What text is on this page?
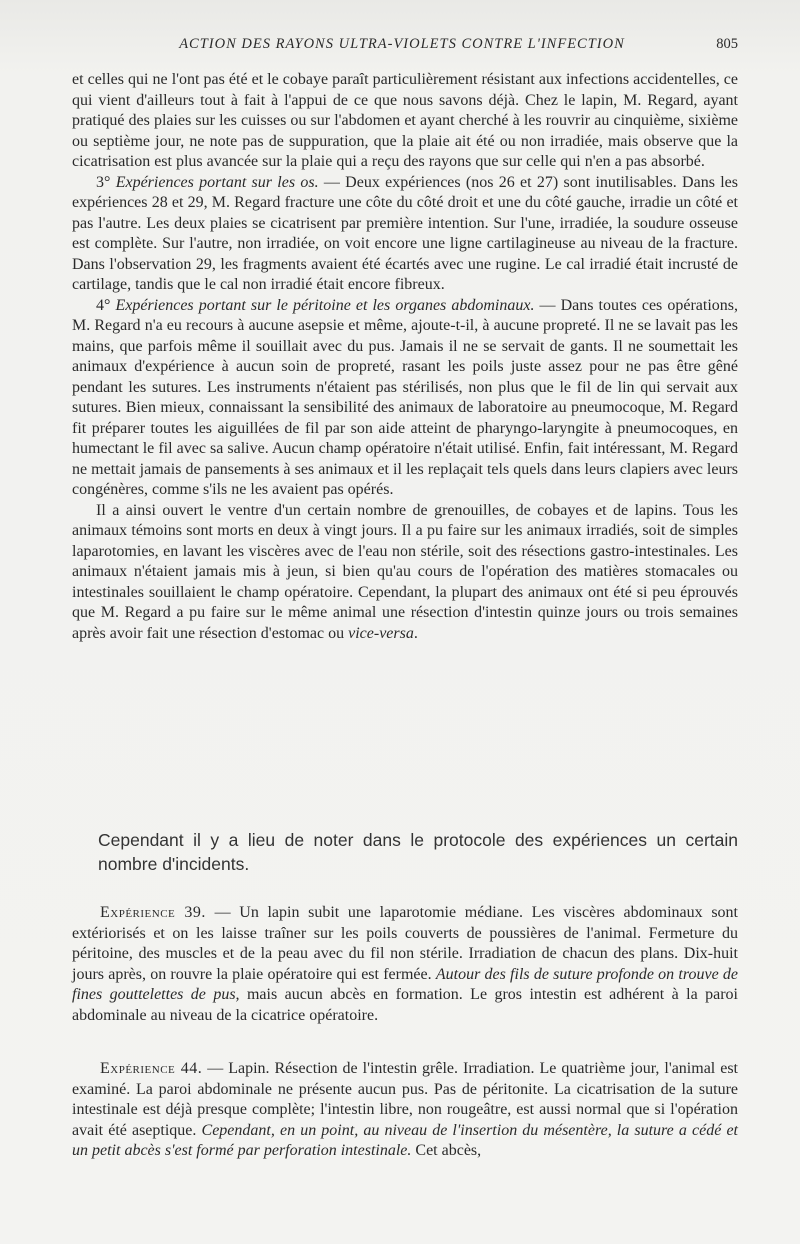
ACTION DES RAYONS ULTRA-VIOLETS CONTRE L'INFECTION	805

et celles qui ne l'ont pas été et le cobaye paraît particulièrement résistant aux infections accidentelles, ce qui vient d'ailleurs tout à fait à l'appui de ce que nous savons déjà. Chez le lapin, M. Regard, ayant pratiqué des plaies sur les cuisses ou sur l'abdomen et ayant cherché à les rouvrir au cinquième, sixième ou septième jour, ne note pas de suppuration, que la plaie ait été ou non irradiée, mais observe que la cicatrisation est plus avancée sur la plaie qui a reçu des rayons que sur celle qui n'en a pas absorbé.

3° Expériences portant sur les os. — Deux expériences (nos 26 et 27) sont inutilisables. Dans les expériences 28 et 29, M. Regard fracture une côte du côté droit et une du côté gauche, irradie un côté et pas l'autre. Les deux plaies se cicatrisent par première intention. Sur l'une, irradiée, la soudure osseuse est complète. Sur l'autre, non irradiée, on voit encore une ligne cartilagineuse au niveau de la fracture. Dans l'observation 29, les fragments avaient été écartés avec une rugine. Le cal irradié était incrusté de cartilage, tandis que le cal non irradié était encore fibreux.

4° Expériences portant sur le péritoine et les organes abdominaux. — Dans toutes ces opérations, M. Regard n'a eu recours à aucune asepsie et même, ajoute-t-il, à aucune propreté. Il ne se lavait pas les mains, que parfois même il souillait avec du pus. Jamais il ne se servait de gants. Il ne soumettait les animaux d'expérience à aucun soin de propreté, rasant les poils juste assez pour ne pas être gêné pendant les sutures. Les instruments n'étaient pas stérilisés, non plus que le fil de lin qui servait aux sutures. Bien mieux, connaissant la sensibilité des animaux de laboratoire au pneumocoque, M. Regard fit préparer toutes les aiguillées de fil par son aide atteint de pharyngo-laryngite à pneumocoques, en humectant le fil avec sa salive. Aucun champ opératoire n'était utilisé. Enfin, fait intéressant, M. Regard ne mettait jamais de pansements à ses animaux et il les replaçait tels quels dans leurs clapiers avec leurs congénères, comme s'ils ne les avaient pas opérés.

Il a ainsi ouvert le ventre d'un certain nombre de grenouilles, de cobayes et de lapins. Tous les animaux témoins sont morts en deux à vingt jours. Il a pu faire sur les animaux irradiés, soit de simples laparotomies, en lavant les viscères avec de l'eau non stérile, soit des résections gastro-intestinales. Les animaux n'étaient jamais mis à jeun, si bien qu'au cours de l'opération des matières stomacales ou intestinales souillaient le champ opératoire. Cependant, la plupart des animaux ont été si peu éprouvés que M. Regard a pu faire sur le même animal une résection d'intestin quinze jours ou trois semaines après avoir fait une résection d'estomac ou vice-versa.

Cependant il y a lieu de noter dans le protocole des expériences un certain nombre d'incidents.

Expérience 39. — Un lapin subit une laparotomie médiane. Les viscères abdominaux sont extériorisés et on les laisse traîner sur les poils couverts de poussières de l'animal. Fermeture du péritoine, des muscles et de la peau avec du fil non stérile. Irradiation de chacun des plans. Dix-huit jours après, on rouvre la plaie opératoire qui est fermée. Autour des fils de suture profonde on trouve de fines gouttelettes de pus, mais aucun abcès en formation. Le gros intestin est adhérent à la paroi abdominale au niveau de la cicatrice opératoire.

Expérience 44. — Lapin. Résection de l'intestin grêle. Irradiation. Le quatrième jour, l'animal est examiné. La paroi abdominale ne présente aucun pus. Pas de péritonite. La cicatrisation de la suture intestinale est déjà presque complète; l'intestin libre, non rougeâtre, est aussi normal que si l'opération avait été aseptique. Cependant, en un point, au niveau de l'insertion du mésentère, la suture a cédé et un petit abcès s'est formé par perforation intestinale. Cet abcès,
